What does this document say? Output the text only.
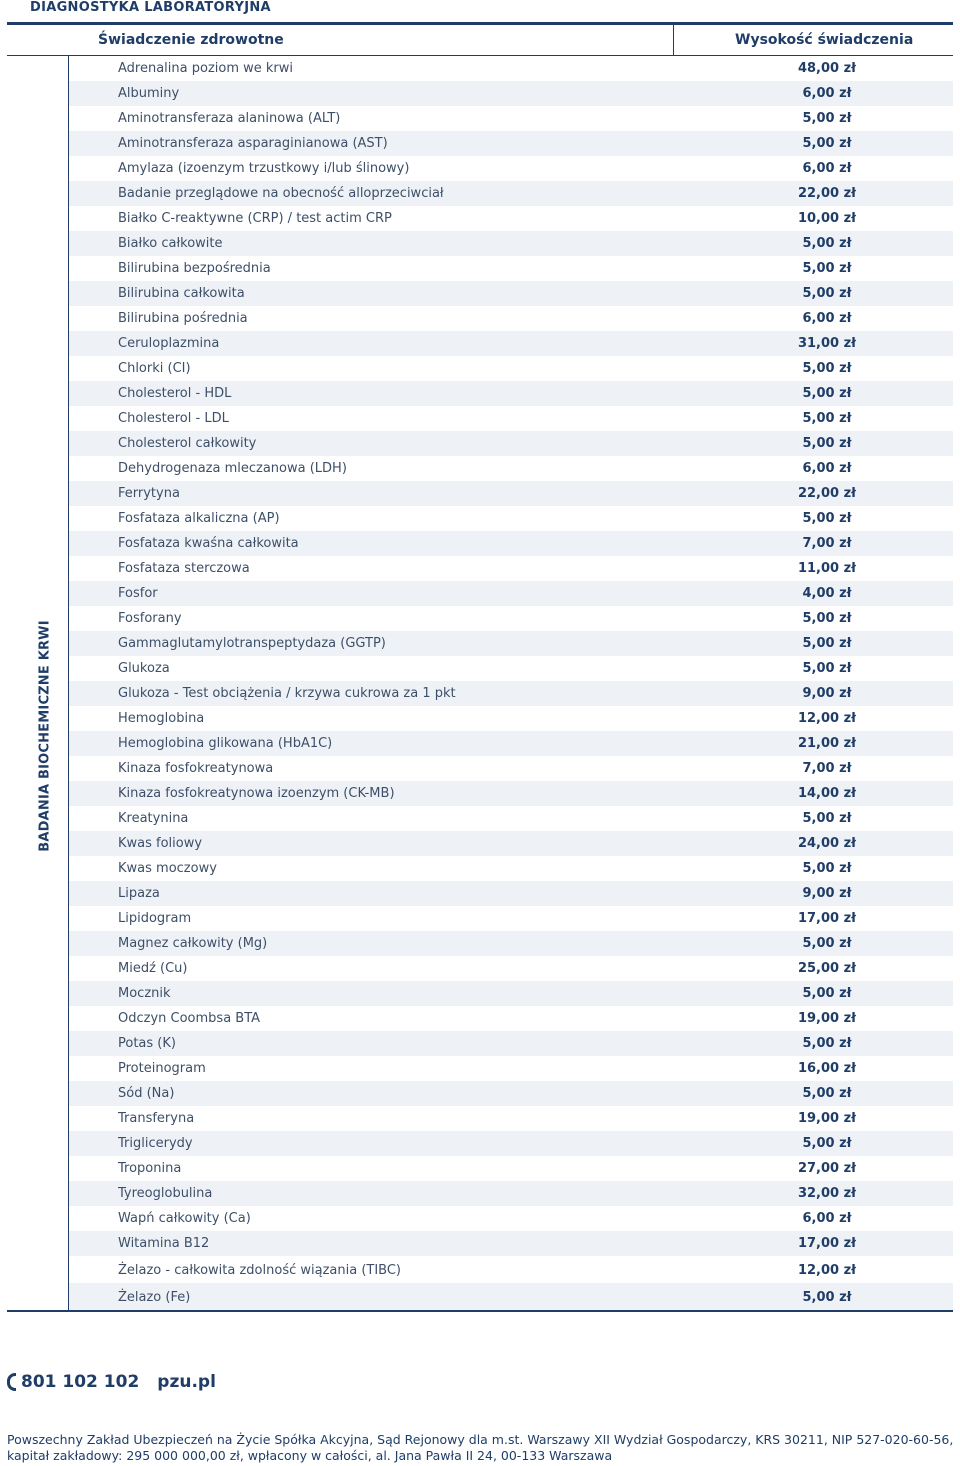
DIAGNOSTYKA LABORATORYJNA
Świadczenie zdrowotne	Wysokość świadczenia
BADANIA BIOCHEMICZNE KRWI
Adrenalina poziom we krwi	48,00 zł
Albuminy	6,00 zł
Aminotransferaza alaninowa (ALT)	5,00 zł
Aminotransferaza asparaginianowa (AST)	5,00 zł
Amylaza (izoenzym trzustkowy i/lub ślinowy)	6,00 zł
Badanie przeglądowe na obecność alloprzeciwciał	22,00 zł
Białko C-reaktywne (CRP) / test actim CRP	10,00 zł
Białko całkowite	5,00 zł
Bilirubina bezpośrednia	5,00 zł
Bilirubina całkowita	5,00 zł
Bilirubina pośrednia	6,00 zł
Ceruloplazmina	31,00 zł
Chlorki (CI)	5,00 zł
Cholesterol - HDL	5,00 zł
Cholesterol - LDL	5,00 zł
Cholesterol całkowity	5,00 zł
Dehydrogenaza mleczanowa (LDH)	6,00 zł
Ferrytyna	22,00 zł
Fosfataza alkaliczna (AP)	5,00 zł
Fosfataza kwaśna całkowita	7,00 zł
Fosfataza sterczowa	11,00 zł
Fosfor	4,00 zł
Fosforany	5,00 zł
Gammaglutamylotranspeptydaza (GGTP)	5,00 zł
Glukoza	5,00 zł
Glukoza - Test obciążenia / krzywa cukrowa za 1 pkt	9,00 zł
Hemoglobina	12,00 zł
Hemoglobina glikowana (HbA1C)	21,00 zł
Kinaza fosfokreatynowa	7,00 zł
Kinaza fosfokreatynowa izoenzym (CK-MB)	14,00 zł
Kreatynina	5,00 zł
Kwas foliowy	24,00 zł
Kwas moczowy	5,00 zł
Lipaza	9,00 zł
Lipidogram	17,00 zł
Magnez całkowity (Mg)	5,00 zł
Miedź (Cu)	25,00 zł
Mocznik	5,00 zł
Odczyn Coombsa BTA	19,00 zł
Potas (K)	5,00 zł
Proteinogram	16,00 zł
Sód (Na)	5,00 zł
Transferyna	19,00 zł
Triglicerydy	5,00 zł
Troponina	27,00 zł
Tyreoglobulina	32,00 zł
Wapń całkowity (Ca)	6,00 zł
Witamina B12	17,00 zł
Żelazo - całkowita zdolność wiązania (TIBC)	12,00 zł
Żelazo (Fe)	5,00 zł
801 102 102 pzu.pl
Powszechny Zakład Ubezpieczeń na Życie Spółka Akcyjna, Sąd Rejonowy dla m.st. Warszawy XII Wydział Gospodarczy, KRS 30211, NIP 527-020-60-56,
kapitał zakładowy: 295 000 000,00 zł, wpłacony w całości, al. Jana Pawła II 24, 00-133 Warszawa
